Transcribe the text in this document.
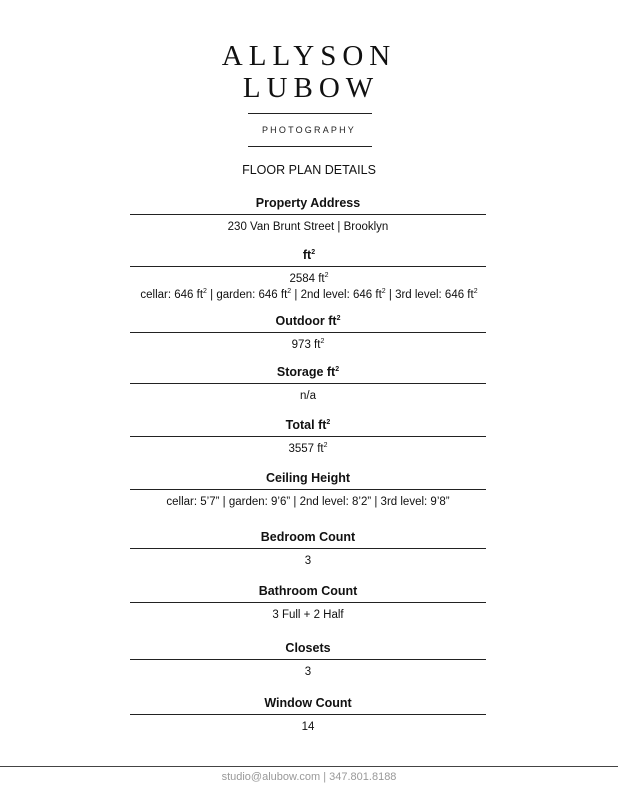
ALLYSON
LUBOW
PHOTOGRAPHY
FLOOR PLAN DETAILS
Property Address
230 Van Brunt Street | Brooklyn
$ft^2$
2584 $ft^2$
cellar: 646 $ft^2$ | garden: 646 $ft^2$ | 2nd level: 646 $ft^2$ | 3rd level: 646 $ft^2$
Outdoor $ft^2$
973 $ft^2$
Storage $ft^2$
n/a
Total $ft^2$
3557 $ft^2$
Ceiling Height
cellar: 5’7” | garden: 9’6” | 2nd level: 8’2” | 3rd level: 9’8”
Bedroom Count
3
Bathroom Count
3 Full + 2 Half
Closets
3
Window Count
14
studio@alubow.com | 347.801.8188
